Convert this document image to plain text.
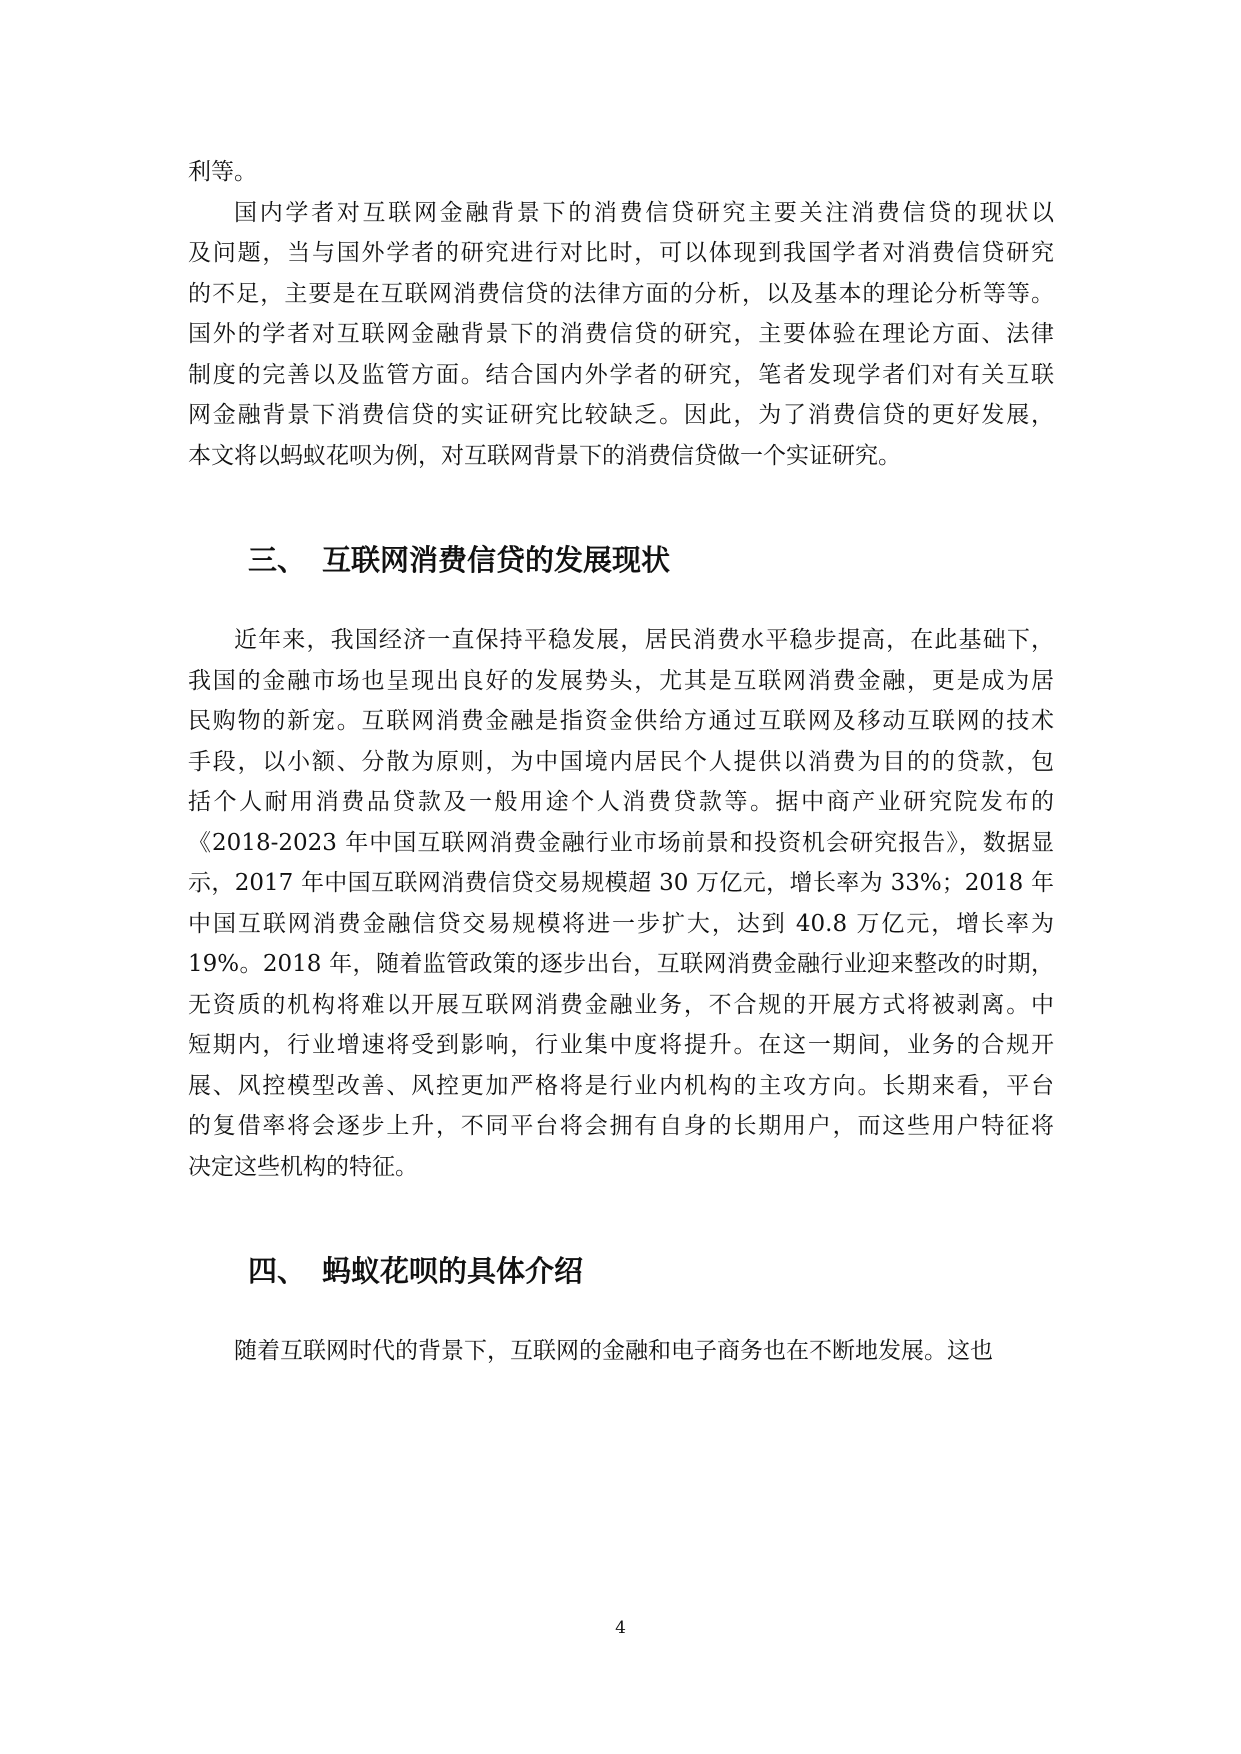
利等。
国内学者对互联网金融背景下的消费信贷研究主要关注消费信贷的现状以
及问题，当与国外学者的研究进行对比时，可以体现到我国学者对消费信贷研究
的不足，主要是在互联网消费信贷的法律方面的分析，以及基本的理论分析等等。
国外的学者对互联网金融背景下的消费信贷的研究，主要体验在理论方面、法律
制度的完善以及监管方面。结合国内外学者的研究，笔者发现学者们对有关互联
网金融背景下消费信贷的实证研究比较缺乏。因此，为了消费信贷的更好发展，
本文将以蚂蚁花呗为例，对互联网背景下的消费信贷做一个实证研究。
三、 互联网消费信贷的发展现状
近年来，我国经济一直保持平稳发展，居民消费水平稳步提高，在此基础下，
我国的金融市场也呈现出良好的发展势头，尤其是互联网消费金融，更是成为居
民购物的新宠。互联网消费金融是指资金供给方通过互联网及移动互联网的技术
手段，以小额、分散为原则，为中国境内居民个人提供以消费为目的的贷款，包
括个人耐用消费品贷款及一般用途个人消费贷款等。据中商产业研究院发布的
《2018-2023 年中国互联网消费金融行业市场前景和投资机会研究报告》，数据显
示，2017 年中国互联网消费信贷交易规模超 30 万亿元，增长率为 33%；2018 年
中国互联网消费金融信贷交易规模将进一步扩大，达到 40.8 万亿元，增长率为
19%。2018 年，随着监管政策的逐步出台，互联网消费金融行业迎来整改的时期，
无资质的机构将难以开展互联网消费金融业务，不合规的开展方式将被剥离。中
短期内，行业增速将受到影响，行业集中度将提升。在这一期间，业务的合规开
展、风控模型改善、风控更加严格将是行业内机构的主攻方向。长期来看，平台
的复借率将会逐步上升，不同平台将会拥有自身的长期用户，而这些用户特征将
决定这些机构的特征。
四、 蚂蚁花呗的具体介绍
随着互联网时代的背景下，互联网的金融和电子商务也在不断地发展。这也
4
